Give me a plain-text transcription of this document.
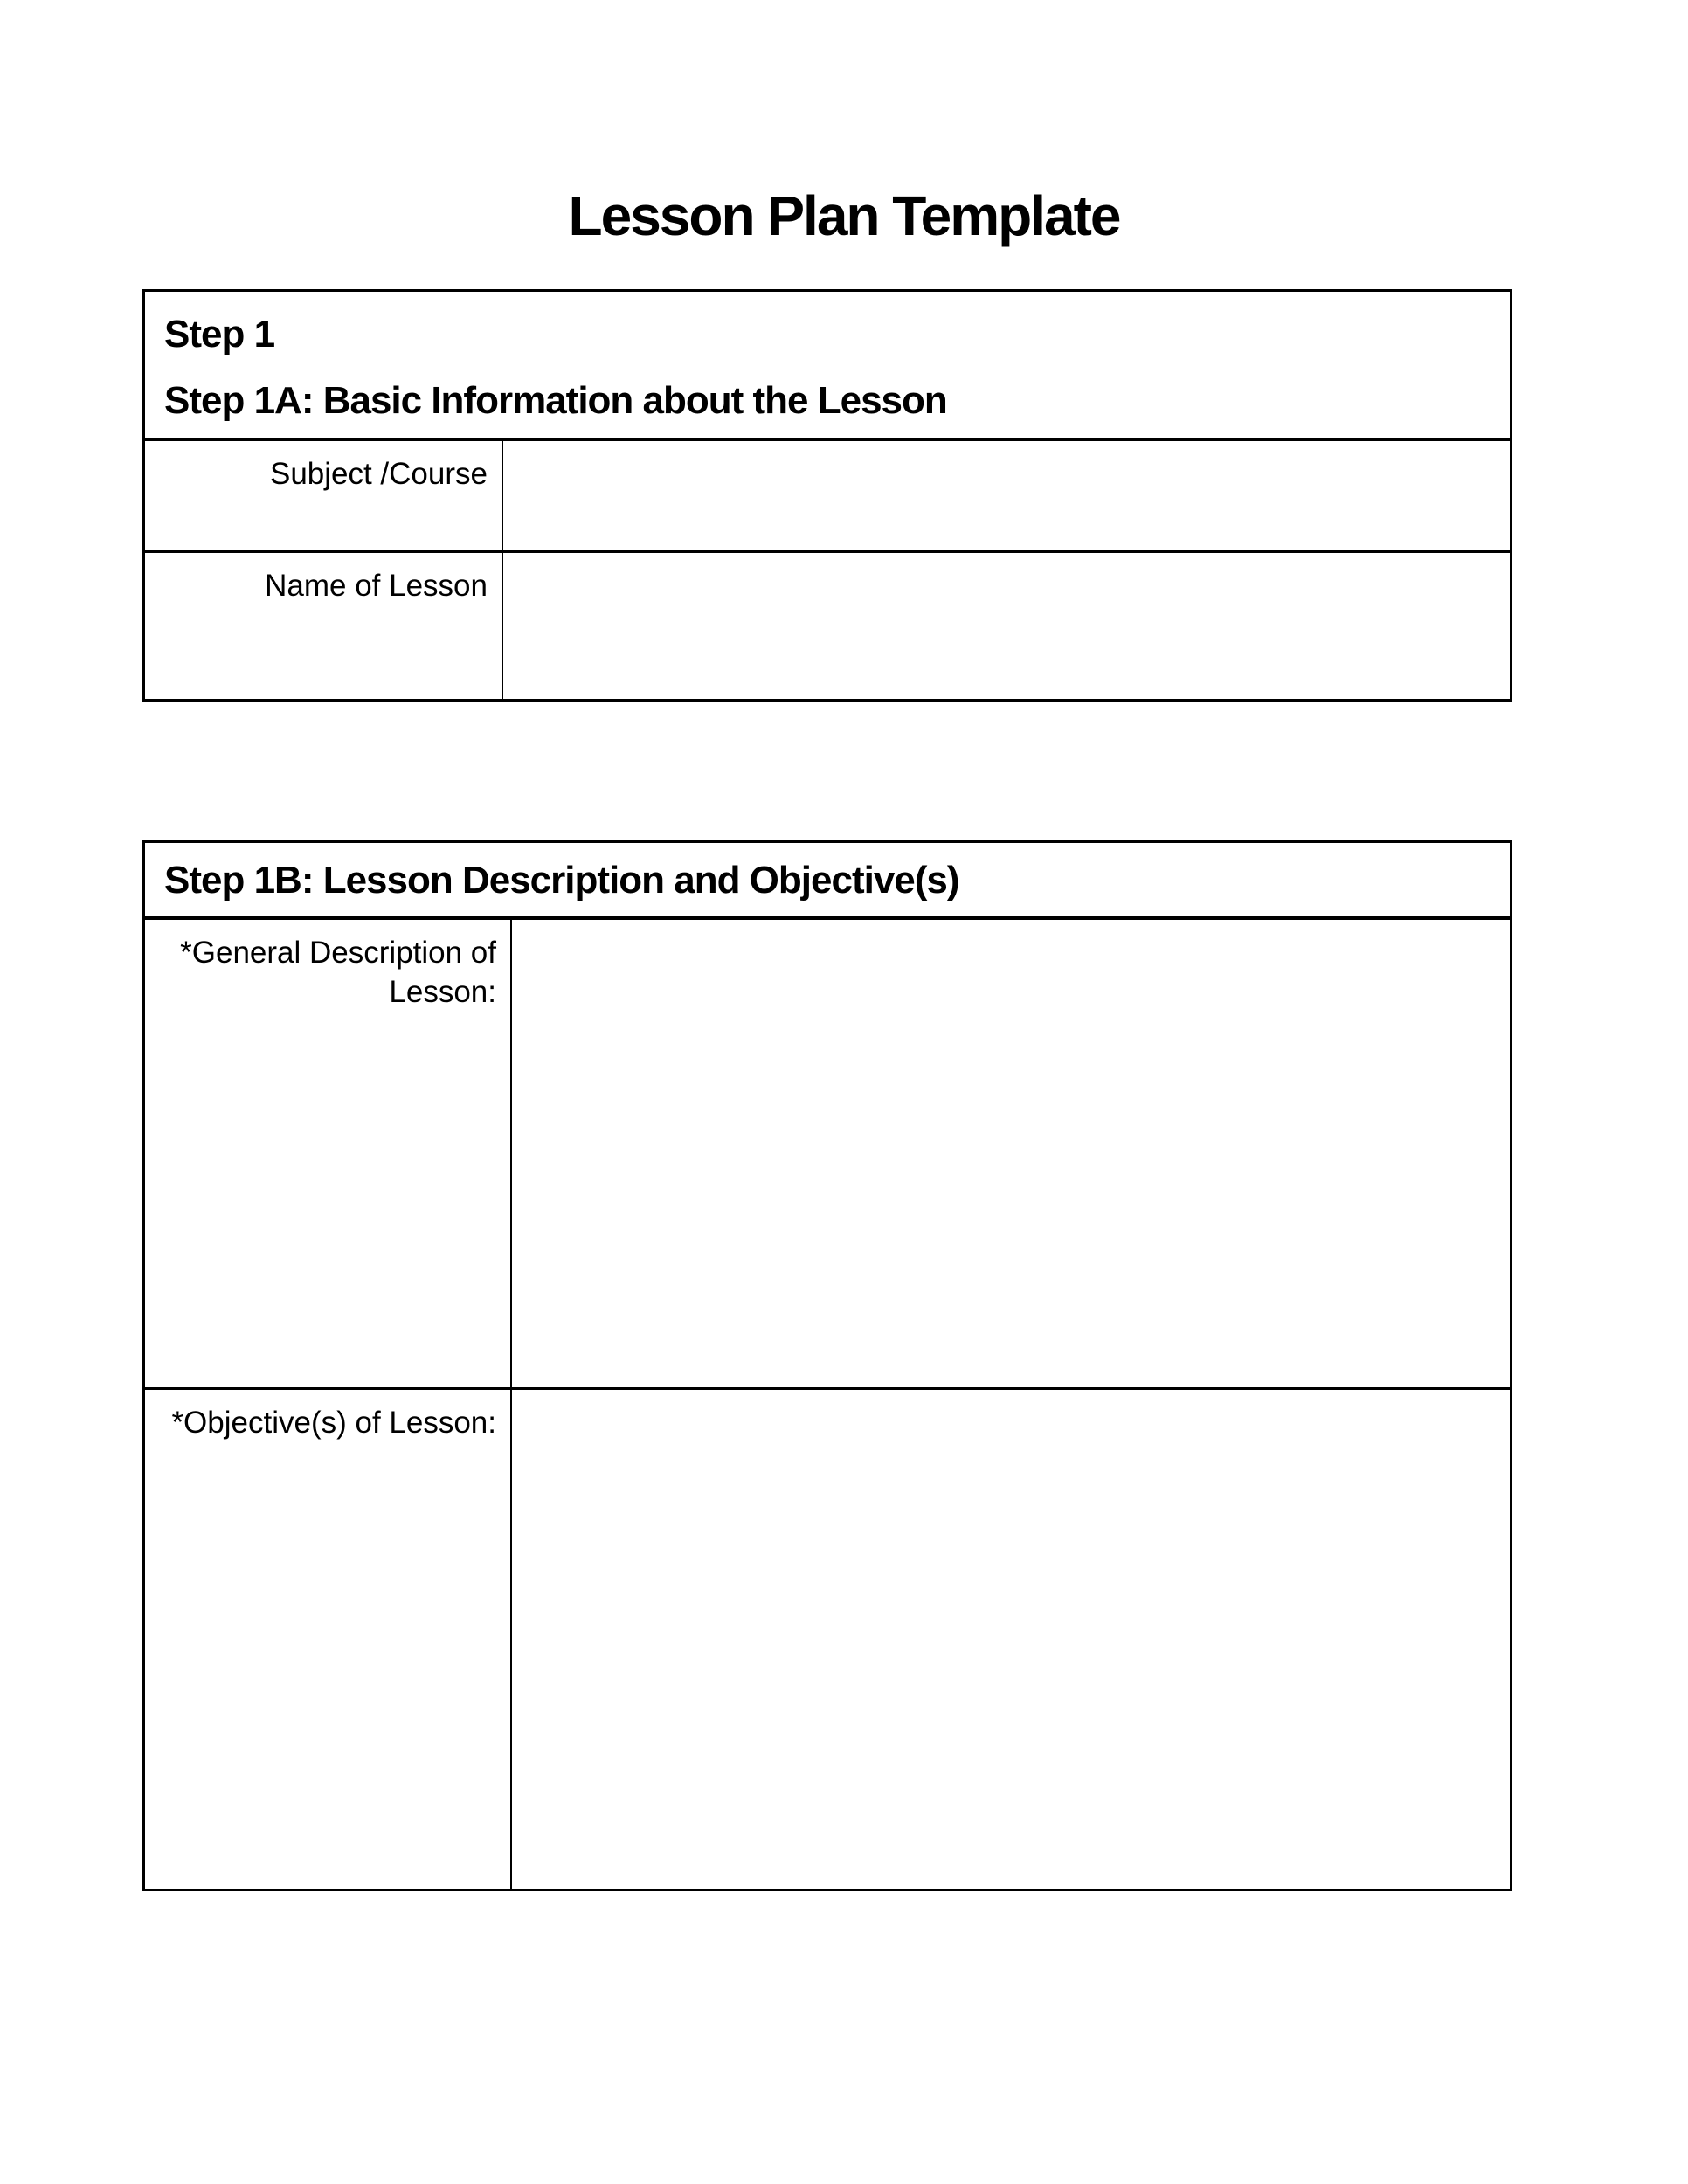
Lesson Plan Template
Step 1
Step 1A: Basic Information about the Lesson
Subject /Course
Name of Lesson
Step 1B: Lesson Description and Objective(s)
*General Description of Lesson:
*Objective(s) of Lesson:
